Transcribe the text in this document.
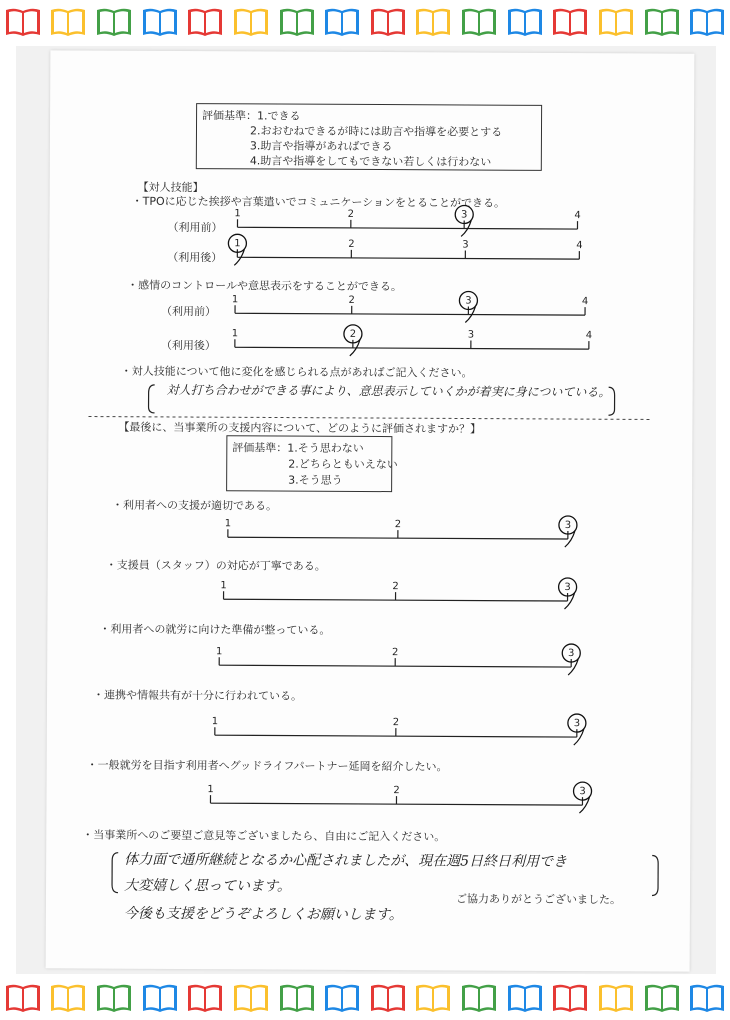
評価基準：1.できる
2.おおむねできるが時には助言や指導を必要とする
3.助言や指導があればできる
4.助言や指導をしてもできない若しくは行わない
【対人技能】
・TPOに応じた挨拶や言葉遣いでコミュニケーションをとることができる。
（利用前）
（利用後）
・感情のコントロールや意思表示をすることができる。
（利用前）
（利用後）
・対人技能について他に変化を感じられる点があればご記入ください。
対人打ち合わせができる事により、意思表示していくかが着実に身についている。
【最後に、当事業所の支援内容について、どのように評価されますか？】
評価基準：1.そう思わない
2.どちらともいえない
3.そう思う
・利用者への支援が適切である。
・支援員（スタッフ）の対応が丁寧である。
・利用者への就労に向けた準備が整っている。
・連携や情報共有が十分に行われている。
・一般就労を目指す利用者へグッドライフパートナー延岡を紹介したい。
・当事業所へのご要望ご意見等ございましたら、自由にご記入ください。
体力面で通所継続となるか心配されましたが、現在週5日終日利用でき
大変嬉しく思っています。
今後も支援をどうぞよろしくお願いします。
ご協力ありがとうございました。
1	2	3	4
1	2	3	4
1	2	3	4
1	2	3	4
1	2	3
1	2	3
1	2	3
1	2	3
1	2	3
